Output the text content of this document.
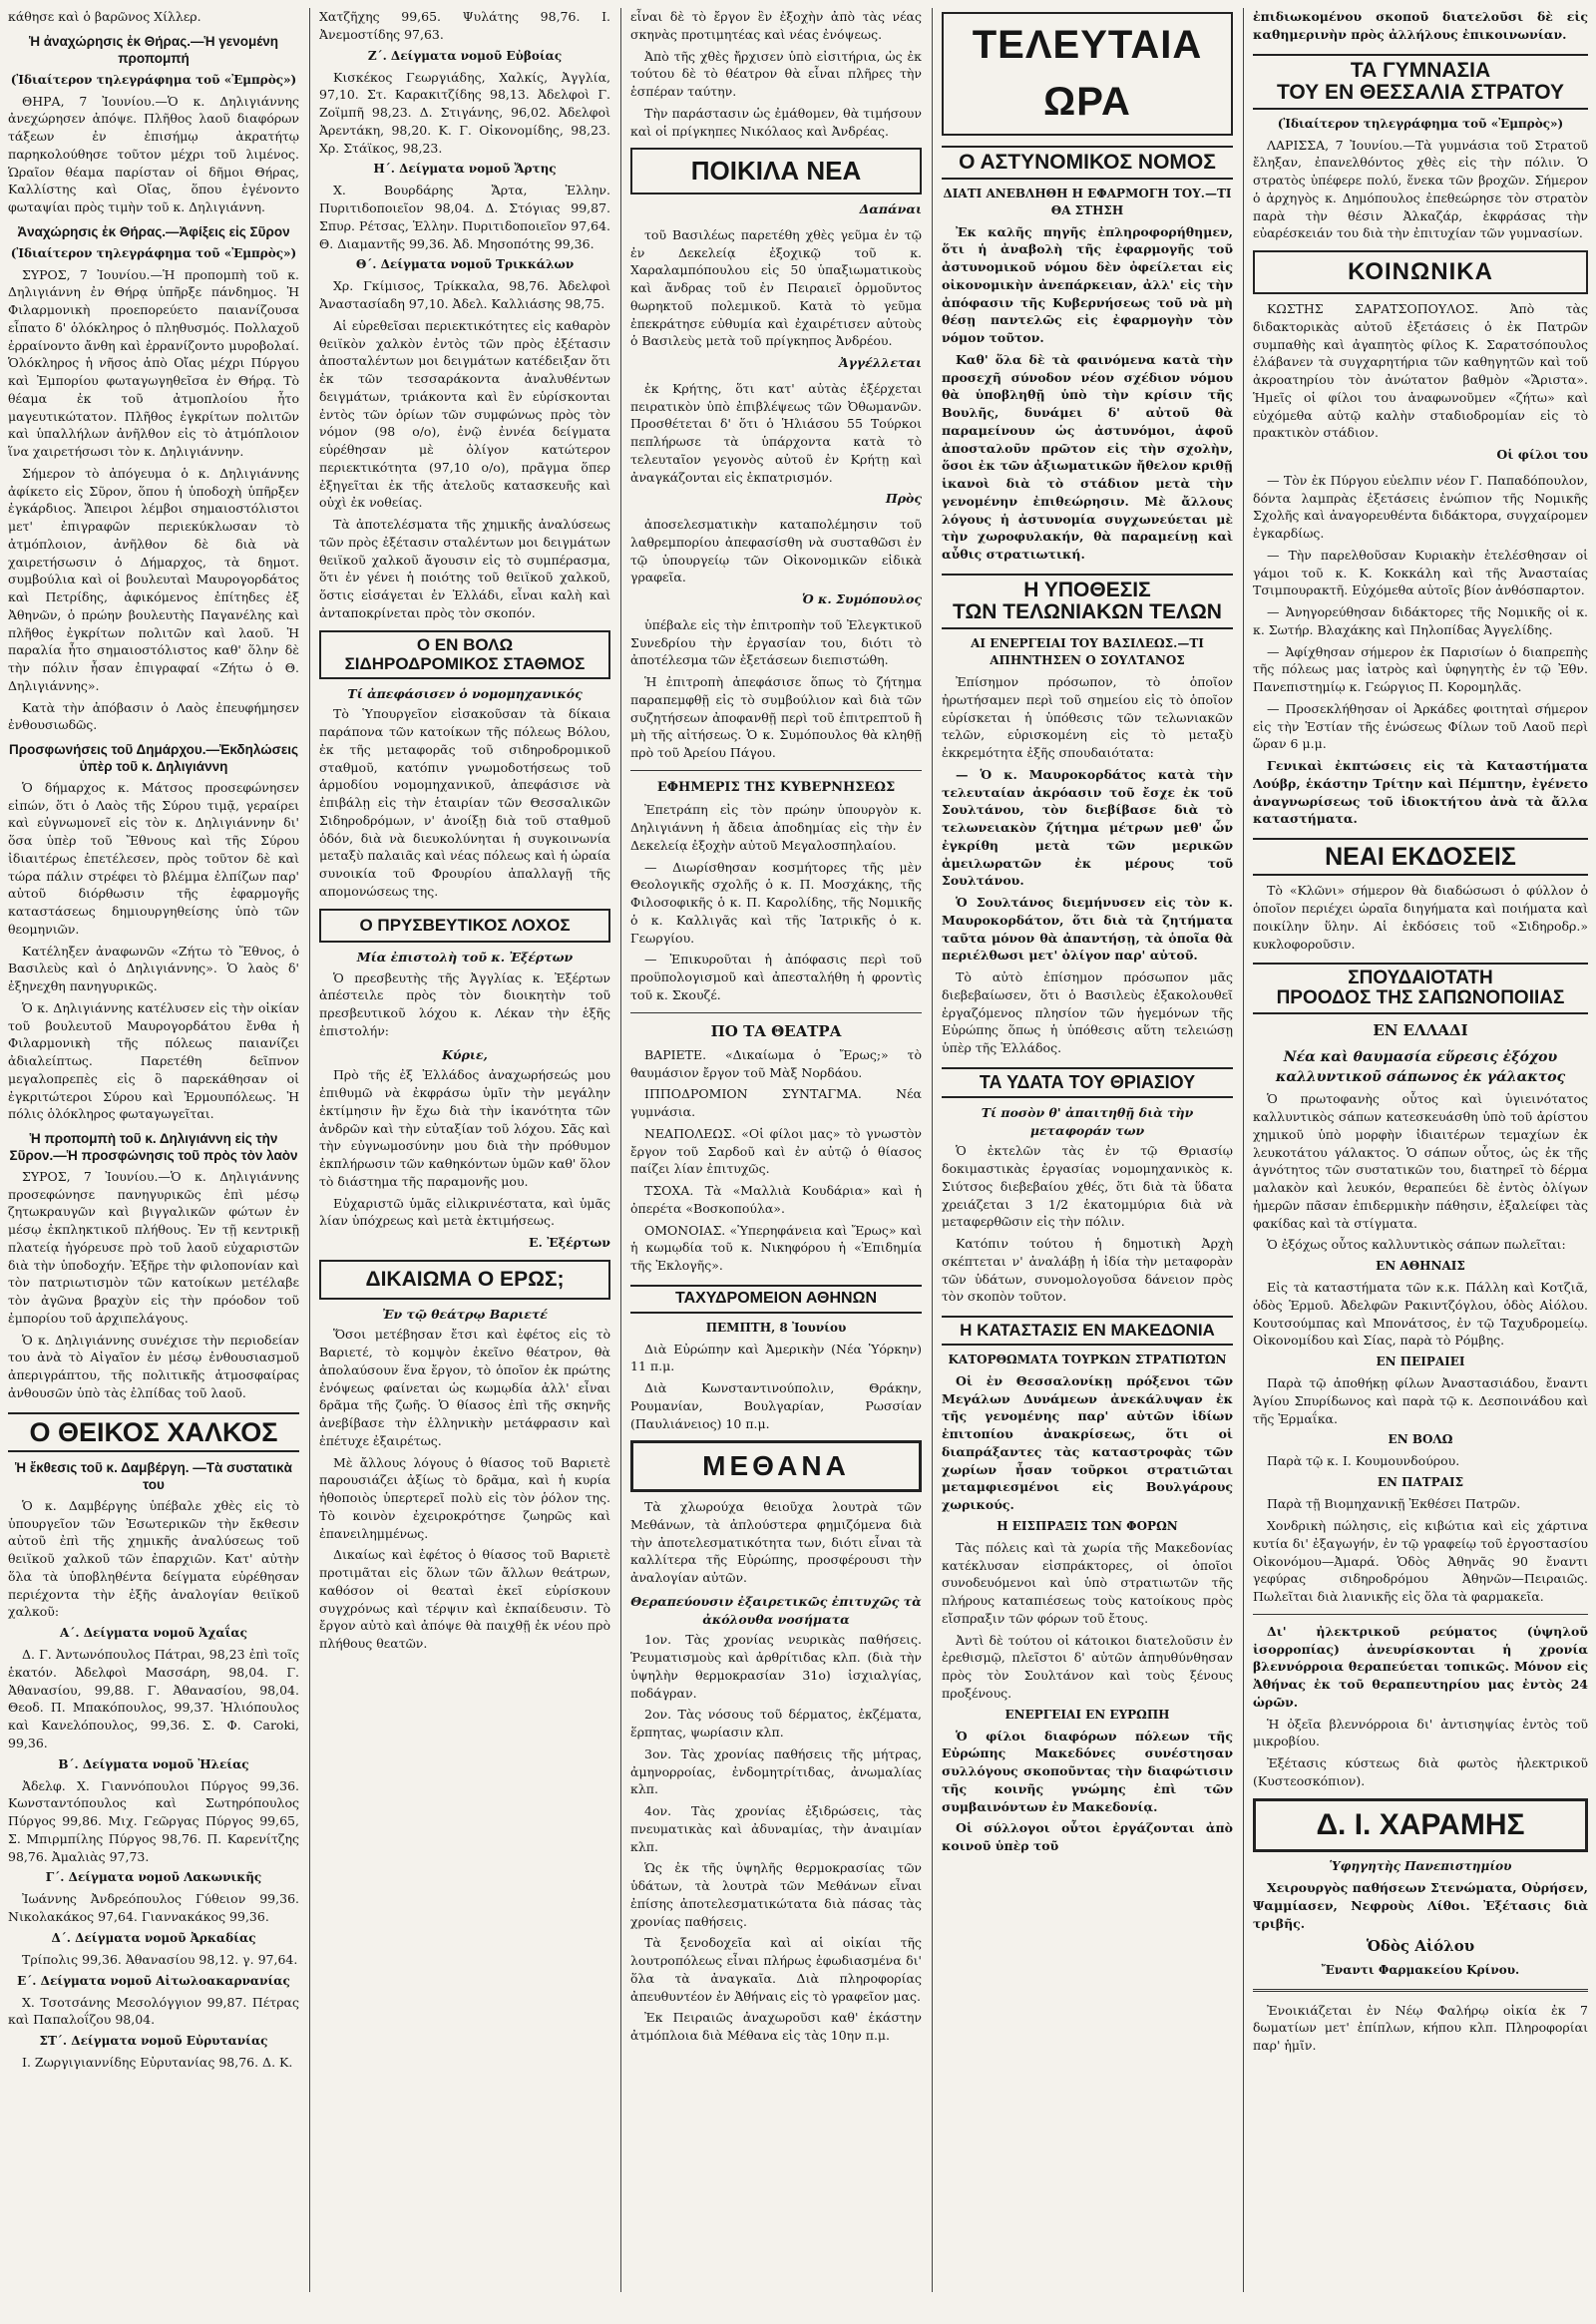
κάθησε καὶ ὁ βαρῶνος Χίλλερ.

Ἡ ἀναχώρησις ἐκ Θήρας.—Ἡ γενομένη προπομπή
(Ἰδιαίτερον τηλεγράφημα τοῦ «Ἐμπρὸς»)

ΘΗΡΑ, 7 Ἰουνίου.—Ὁ κ. Δηλιγιάννης ἀνεχώρησεν ἀπόψε. Πλῆθος λαοῦ διαφόρων τάξεων ἐν ἐπισήμῳ ἀκρατήτῳ παρηκολούθησε τοῦτον μέχρι τοῦ λιμένος. Ὡραῖον θέαμα παρίσταν οἱ δῆμοι Θήρας, Καλλίστης καὶ Οἴας, ὅπου ἐγένοντο φωταψίαι πρὸς τιμὴν τοῦ κ. Δηλιγιάννη.

Ἀναχώρησις ἐκ Θήρας.—Ἀφίξεις εἰς Σῦρον
(Ἰδιαίτερον τηλεγράφημα τοῦ «Ἐμπρὸς»)

ΣΥΡΟΣ, 7 Ἰουνίου.—Ἡ προπομπὴ τοῦ κ. Δηλιγιάννη ἐν Θήρᾳ ὑπῆρξε πάνδημος. Ἡ Φιλαρμονικὴ προεπορεύετο παιανίζουσα εἶπατο δ' ὁλόκληρος ὁ πληθυσμός. Πολλαχοῦ ἐρραίνοντο ἄνθη καὶ ἐρρανίζοντο μυροβολαί. Ὁλόκληρος ἡ νῆσος ἀπὸ Οἴας μέχρι Πύργου καὶ Ἐμπορίου φωταγωγηθεῖσα ἐν Θήρᾳ. Τὸ θέαμα ἐκ τοῦ ἀτμοπλοίου ἦτο μαγευτικώτατον. Πλῆθος ἐγκρίτων πολιτῶν καὶ ὑπαλλήλων ἀνῆλθον εἰς τὸ ἀτμόπλοιον ἵνα χαιρετήσωσι τὸν κ. Δηλιγιάννην.

Σήμερον τὸ ἀπόγευμα ὁ κ. Δηλιγιάννης ἀφίκετο εἰς Σῦρον, ὅπου ἡ ὑποδοχὴ ὑπῆρξεν ἐγκάρδιος. Ἄπειροι λέμβοι σημαιοστόλιστοι μετ' ἐπιγραφῶν περιεκύκλωσαν τὸ ἀτμόπλοιον, ἀνῆλθον δὲ διὰ νὰ χαιρετήσωσιν ὁ Δήμαρχος, τὰ δημοτ. συμβούλια καὶ οἱ βουλευταὶ Μαυρογορδάτος καὶ Πετρίδης, ἀφικόμενος ἐπίτηδες ἐξ Ἀθηνῶν, ὁ πρώην βουλευτὴς Παγανέλης καὶ πλῆθος ἐγκρίτων πολιτῶν καὶ λαοῦ. Ἡ παραλία ἦτο σημαιοστόλιστος καθ' ὅλην δὲ τὴν πόλιν ἦσαν ἐπιγραφαί «Ζήτω ὁ Θ. Δηλιγιάννης».

Κατὰ τὴν ἀπόβασιν ὁ Λαὸς ἐπευφήμησεν ἐνθουσιωδῶς.

Προσφωνήσεις τοῦ Δημάρχου.—Ἐκδηλώσεις ὑπὲρ τοῦ κ. Δηλιγιάννη

Ὁ δήμαρχος κ. Μάτσος προσεφώνησεν εἰπών, ὅτι ὁ Λαὸς τῆς Σύρου τιμᾷ, γεραίρει καὶ εὐγνωμονεῖ εἰς τὸν κ. Δηλιγιάννην δι' ὅσα ὑπὲρ τοῦ Ἔθνους καὶ τῆς Σύρου ἰδιαιτέρως ἐπετέλεσεν, πρὸς τοῦτον δὲ καὶ τώρα πάλιν στρέφει τὸ βλέμμα ἐλπίζων παρ' αὐτοῦ διόρθωσιν τῆς ἐφαρμογῆς καταστάσεως δημιουργηθείσης ὑπὸ τῶν θεομηνιῶν.

Κατέληξεν ἀναφωνῶν «Ζήτω τὸ Ἔθνος, ὁ Βασιλεὺς καὶ ὁ Δηλιγιάννης». Ὁ λαὸς δ' ἐξηνεχθη πανηγυρικῶς.

Ὁ κ. Δηλιγιάννης κατέλυσεν εἰς τὴν οἰκίαν τοῦ βουλευτοῦ Μαυρογορδάτου ἔνθα ἡ Φιλαρμονικὴ τῆς πόλεως παιανίζει ἀδιαλείπτως. Παρετέθη δεῖπνον μεγαλοπρεπὲς εἰς ὃ παρεκάθησαν οἱ ἐγκριτώτεροι Σύρου καὶ Ἑρμουπόλεως. Ἡ πόλις ὁλόκληρος φωταγωγεῖται.

Ἡ προπομπὴ τοῦ κ. Δηλιγιάννη εἰς τὴν Σῦρον.—Ἡ προσφώνησις τοῦ πρὸς τὸν λαὸν

ΣΥΡΟΣ, 7 Ἰουνίου.—Ὁ κ. Δηλιγιάννης προσεφώνησε πανηγυρικῶς ἐπὶ μέσῳ ζητωκραυγῶν καὶ βιγγαλικῶν φώτων ἐν μέσῳ ἐκπληκτικοῦ πλήθους. Ἐν τῇ κεντρικῇ πλατείᾳ ἠγόρευσε πρὸ τοῦ λαοῦ εὐχαριστῶν διὰ τὴν ὑποδοχήν. Ἐξῆρε τὴν φιλοπονίαν καὶ τὸν πατριωτισμὸν τῶν κατοίκων μετέλαβε τὸν ἀγῶνα βραχὺν εἰς τὴν πρόοδον τοῦ ἐμπορίου τοῦ ἀρχιπελάγους.

Ὁ κ. Δηλιγιάννης συνέχισε τὴν περιοδείαν του ἀνὰ τὸ Αἰγαῖον ἐν μέσῳ ἐνθουσιασμοῦ ἀπεριγράπτου, τῆς πολιτικῆς ἀτμοσφαίρας ἀνθουσῶν ὑπὸ τὰς ἐλπίδας τοῦ λαοῦ.

Ο ΘΕΙΚΟΣ ΧΑΛΚΟΣ
Ἡ ἔκθεσις τοῦ κ. Δαμβέργη. —Τὰ συστατικὰ του

Ὁ κ. Δαμβέργης ὑπέβαλε χθὲς εἰς τὸ ὑπουργεῖον τῶν Ἐσωτερικῶν τὴν ἔκθεσιν αὐτοῦ ἐπὶ τῆς χημικῆς ἀναλύσεως τοῦ θειϊκοῦ χαλκοῦ τῶν ἐπαρχιῶν. Κατ' αὐτὴν ὅλα τὰ ὑποβληθέντα δείγματα εὑρέθησαν περιέχοντα τὴν ἐξῆς ἀναλογίαν θειϊκοῦ χαλκοῦ:

Α΄. Δείγματα νομοῦ Ἀχαΐας

Δ. Γ. Ἀντωνόπουλος Πάτραι, 98,23 ἐπὶ τοῖς ἑκατόν. Ἀδελφοὶ Μασσάρη, 98,04. Γ. Ἀθανασίου, 99,88. Γ. Ἀθανασίου, 98,04. Θεοδ. Π. Μπακόπουλος, 99,37. Ἠλιόπουλος καὶ Κανελόπουλος, 99,36. Σ. Φ. Caroki, 99,36.

Β΄. Δείγματα νομοῦ Ἠλείας

Ἀδελφ. Χ. Γιαννόπουλοι Πύργος 99,36. Κωνσταντόπουλος καὶ Σωτηρόπουλος Πύργος 99,86. Μιχ. Γεῶργας Πύργος 99,65, Σ. Μπιρμπίλης Πύργος 98,76. Π. Καρενίτζης 98,76. Ἀμαλιὰς 97,73.

Γ΄. Δείγματα νομοῦ Λακωνικῆς

Ἰωάννης Ἀνδρεόπουλος Γύθειον 99,36. Νικολακάκος 97,64. Γιαννακάκος 99,36.

Δ΄. Δείγματα νομοῦ Ἀρκαδίας

Τρίπολις 99,36. Ἀθανασίου 98,12. γ. 97,64.

Ε΄. Δείγματα νομοῦ Αἰτωλοακαρνανίας

Χ. Τσοτσάνης Μεσολόγγιον 99,87. Πέτρας καὶ Παπαλοΐζου 98,04.

ΣΤ΄. Δείγματα νομοῦ Εὐρυτανίας

Ι. Ζωργιγιαννίδης Εὐρυτανίας 98,76. Δ. Κ.

Χατζῆχης 99,65. Ψυλάτης 98,76. Ι. Ἀνεμοστίδης 97,63.

Ζ΄. Δείγματα νομοῦ Εὐβοίας

Κισκέκος Γεωργιάδης, Χαλκίς, Ἀγγλία, 97,10. Στ. Καρακιτζίδης 98,13. Ἀδελφοὶ Γ. Ζοϊμπῆ 98,23. Δ. Στιγάνης, 96,02. Ἀδελφοὶ Ἀρεντάκη, 98,20. Κ. Γ. Οἰκονομίδης, 98,23. Χρ. Στάϊκος, 98,23.

Η΄. Δείγματα νομοῦ Ἄρτης

Χ. Βουρδάρης Ἄρτα, Ἑλλην. Πυριτιδοποιεῖον 98,04. Δ. Στόγιας 99,87. Σπυρ. Ρέτσας, Ἑλλην. Πυριτιδοποιεῖον 97,64. Θ. Διαμαντῆς 99,36. Ἀδ. Μησοπότης 99,36.

Θ΄. Δείγματα νομοῦ Τρικκάλων

Χρ. Γκίμισος, Τρίκκαλα, 98,76. Ἀδελφοὶ Ἀναστασίαδη 97,10. Ἀδελ. Καλλιάσης 98,75.

Αἱ εὑρεθεῖσαι περιεκτικότητες εἰς καθαρὸν θειϊκὸν χαλκὸν ἐντὸς τῶν πρὸς ἐξέτασιν ἀποσταλέντων μοι δειγμάτων κατέδειξαν ὅτι ἐκ τῶν τεσσαράκοντα ἀναλυθέντων δειγμάτων, τριάκοντα καὶ ἓν εὑρίσκονται ἐντὸς τῶν ὁρίων τῶν συμφώνως πρὸς τὸν νόμον (98 ο/ο), ἐνῷ ἐννέα δείγματα εὑρέθησαν μὲ ὀλίγον κατώτερον περιεκτικότητα (97,10 ο/ο), πρᾶγμα ὅπερ ἐξηγεῖται ἐκ τῆς ἀτελοῦς κατασκευῆς καὶ οὐχὶ ἐκ νοθείας.

Τὰ ἀποτελέσματα τῆς χημικῆς ἀναλύσεως τῶν πρὸς ἐξέτασιν σταλέντων μοι δειγμάτων θειϊκοῦ χαλκοῦ ἄγουσιν εἰς τὸ συμπέρασμα, ὅτι ἐν γένει ἡ ποιότης τοῦ θειϊκοῦ χαλκοῦ, ὅστις εἰσάγεται ἐν Ἑλλάδι, εἶναι καλὴ καὶ ἀνταποκρίνεται πρὸς τὸν σκοπόν.

Ο ΕΝ ΒΟΛΩ
ΣΙΔΗΡΟΔΡΟΜΙΚΟΣ ΣΤΑΘΜΟΣ
Τί ἀπεφάσισεν ὁ νομομηχανικός

Τὸ Ὑπουργεῖον εἰσακοῦσαν τὰ δίκαια παράπονα τῶν κατοίκων τῆς πόλεως Βόλου, ἐκ τῆς μεταφορᾶς τοῦ σιδηροδρομικοῦ σταθμοῦ, κατόπιν γνωμοδοτήσεως τοῦ ἁρμοδίου νομομηχανικοῦ, ἀπεφάσισε νὰ ἐπιβάλῃ εἰς τὴν ἑταιρίαν τῶν Θεσσαλικῶν Σιδηροδρόμων, ν' ἀνοίξῃ διὰ τοῦ σταθμοῦ ὁδόν, διὰ νὰ διευκολύνηται ἡ συγκοινωνία μεταξὺ παλαιᾶς καὶ νέας πόλεως καὶ ἡ ὡραία συνοικία τοῦ Φρουρίου ἀπαλλαγῇ τῆς απομονώσεως της.

Ο ΠΡΥΣΒΕΥΤΙΚΟΣ ΛΟΧΟΣ
Μία ἐπιστολὴ τοῦ κ. Ἐξέρτων

Ὁ πρεσβευτὴς τῆς Ἀγγλίας κ. Ἐξέρτων ἀπέστειλε πρὸς τὸν διοικητὴν τοῦ πρεσβευτικοῦ λόχου κ. Λέκαν τὴν ἑξῆς ἐπιστολήν:

Κύριε,

Πρὸ τῆς ἐξ Ἑλλάδος ἀναχωρήσεώς μου ἐπιθυμῶ νὰ ἐκφράσω ὑμῖν τὴν μεγάλην ἐκτίμησιν ἣν ἔχω διὰ τὴν ἱκανότητα τῶν ἀνδρῶν καὶ τὴν εὐταξίαν τοῦ λόχου. Σᾶς καὶ τὴν εὐγνωμοσύνην μου διὰ τὴν πρόθυμον ἐκπλήρωσιν τῶν καθηκόντων ὑμῶν καθ' ὅλον τὸ διάστημα τῆς παραμονῆς μου.

Εὐχαριστῶ ὑμᾶς εἰλικρινέστατα, καὶ ὑμᾶς λίαν ὑπόχρεως καὶ μετὰ ἐκτιμήσεως.

Ε. Ἐξέρτων
ΔΙΚΑΙΩΜΑ Ο ΕΡΩΣ;
Ἐν τῷ θεάτρῳ Βαριετέ

Ὅσοι μετέβησαν ἔτσι καὶ ἐφέτος εἰς τὸ Βαριετέ, τὸ κομψὸν ἐκεῖνο θέατρον, θὰ ἀπολαύσουν ἕνα ἔργον, τὸ ὁποῖον ἐκ πρώτης ἐνόψεως φαίνεται ὡς κωμῳδία ἀλλ' εἶναι δρᾶμα τῆς ζωῆς. Ὁ θίασος ἐπὶ τῆς σκηνῆς ἀνεβίβασε τὴν ἑλληνικὴν μετάφρασιν καὶ ἐπέτυχε ἐξαιρέτως.

Μὲ ἄλλους λόγους ὁ θίασος τοῦ Βαριετὲ παρουσιάζει ἀξίως τὸ δρᾶμα, καὶ ἡ κυρία ἠθοποιὸς ὑπερτερεῖ πολὺ εἰς τὸν ῥόλον της. Τὸ κοινὸν ἐχειροκρότησε ζωηρῶς καὶ ἐπανειλημμένως.

Δικαίως καὶ ἐφέτος ὁ θίασος τοῦ Βαριετὲ προτιμᾶται εἰς ὅλων τῶν ἄλλων θεάτρων, καθόσον οἱ θεαταὶ ἐκεῖ εὑρίσκουν συγχρόνως καὶ τέρψιν καὶ ἐκπαίδευσιν. Τὸ ἔργον αὐτὸ καὶ ἀπόψε θὰ παιχθῇ ἐκ νέου πρὸ πλήθους θεατῶν.

εἶναι δὲ τὸ ἔργον ἓν ἐξοχὴν ἀπὸ τὰς νέας σκηνὰς προτιμητέας καὶ νέας ἐνόψεως.

Ἀπὸ τῆς χθὲς ἤρχισεν ὑπὸ εἰσιτήρια, ὡς ἐκ τούτου δὲ τὸ θέατρον θὰ εἶναι πλῆρες τὴν ἑσπέραν ταύτην.

Τὴν παράστασιν ὡς ἐμάθομεν, θὰ τιμήσουν καὶ οἱ πρίγκηπες Νικόλαος καὶ Ἀνδρέας.

ΠΟΙΚΙΛΑ ΝΕΑ
Δαπάναι

τοῦ Βασιλέως παρετέθη χθὲς γεῦμα ἐν τῷ ἐν Δεκελείᾳ ἐξοχικῷ τοῦ κ. Χαραλαμπόπουλου εἰς 50 ὑπαξιωματικοὺς καὶ ἄνδρας τοῦ ἐν Πειραιεῖ ὁρμοῦντος θωρηκτοῦ πολεμικοῦ. Κατὰ τὸ γεῦμα ἐπεκράτησε εὐθυμία καὶ ἐχαιρέτισεν αὐτοὺς ὁ Βασιλεὺς μετὰ τοῦ πρίγκηπος Ἀνδρέου.

Ἀγγέλλεται

ἐκ Κρήτης, ὅτι κατ' αὐτὰς ἐξέρχεται πειρατικὸν ὑπὸ ἐπιβλέψεως τῶν Ὀθωμανῶν. Προσθέτεται δ' ὅτι ὁ Ἡλιάσου 55 Τούρκοι πεπλήρωσε τὰ ὑπάρχοντα κατὰ τὸ τελευταῖον γεγονὸς αὐτοῦ ἐν Κρήτῃ καὶ ἀναγκάζονται εἰς ἐκπατρισμόν.

Πρὸς

ἀποσελεσματικὴν καταπολέμησιν τοῦ λαθρεμπορίου ἀπεφασίσθη νὰ συσταθῶσι ἐν τῷ ὑπουργείῳ τῶν Οἰκονομικῶν εἰδικὰ γραφεῖα.

Ὁ κ. Συμόπουλος

ὑπέβαλε εἰς τὴν ἐπιτροπὴν τοῦ Ἐλεγκτικοῦ Συνεδρίου τὴν ἐργασίαν του, διότι τὸ ἀποτέλεσμα τῶν ἐξετάσεων διεπιστώθη.

Ἡ ἐπιτροπὴ ἀπεφάσισε ὅπως τὸ ζήτημα παραπεμφθῇ εἰς τὸ συμβούλιον καὶ διὰ τῶν συζητήσεων ἀποφανθῇ περὶ τοῦ ἐπιτρεπτοῦ ἢ μὴ τῆς αἰτήσεως. Ὁ κ. Συμόπουλος θὰ κληθῇ πρὸ τοῦ Ἀρείου Πάγου.

ΕΦΗΜΕΡΙΣ ΤΗΣ ΚΥΒΕΡΝΗΣΕΩΣ

Ἐπετράπη εἰς τὸν πρώην ὑπουργὸν κ. Δηλιγιάννη ἡ ἄδεια ἀποδημίας εἰς τὴν ἐν Δεκελείᾳ ἐξοχὴν αὐτοῦ Μεγαλοσπηλαίου.

— Διωρίσθησαν κοσμήτορες τῆς μὲν Θεολογικῆς σχολῆς ὁ κ. Π. Μοσχάκης, τῆς Φιλοσοφικῆς ὁ κ. Π. Καρολίδης, τῆς Νομικῆς ὁ κ. Καλλιγᾶς καὶ τῆς Ἰατρικῆς ὁ κ. Γεωργίου.

— Ἐπικυροῦται ἡ ἀπόφασις περὶ τοῦ προϋπολογισμοῦ καὶ ἀπεσταλήθη ἡ φροντὶς τοῦ κ. Σκουζέ.

ΠΟ ΤΑ ΘΕΑΤΡΑ

ΒΑΡΙΕΤΕ. «Δικαίωμα ὁ Ἔρως;» τὸ θαυμάσιον ἔργον τοῦ Μὰξ Νορδάου.

ΙΠΠΟΔΡΟΜΙΟΝ ΣΥΝΤΑΓΜΑ. Νέα γυμνάσια.

ΝΕΑΠΟΛΕΩΣ. «Οἱ φίλοι μας» τὸ γνωστὸν ἔργον τοῦ Σαρδοῦ καὶ ἐν αὐτῷ ὁ θίασος παίζει λίαν ἐπιτυχῶς.

ΤΣΟΧΑ. Τὰ «Μαλλιὰ Κουδάρια» καὶ ἡ ὀπερέτα «Βοσκοπούλα».

ΟΜΟΝΟΙΑΣ. «Ὑπερηφάνεια καὶ Ἔρως» καὶ ἡ κωμῳδία τοῦ κ. Νικηφόρου ἡ «Ἐπιδημία τῆς Ἐκλογῆς».

ΤΑΧΥΔΡΟΜΕΙΟΝ ΑΘΗΝΩΝ
ΠΕΜΠΤΗ, 8 Ἰουνίου

Διὰ Εὐρώπην καὶ Ἀμερικὴν (Νέα Ὑόρκην) 11 π.μ.

Διὰ Κωνσταντινούπολιν, Θράκην, Ρουμανίαν, Βουλγαρίαν, Ρωσσίαν (Παυλιάνειος) 10 π.μ.

ΜΕΘΑΝΑ

Τὰ χλωρούχα θειοῦχα λουτρὰ τῶν Μεθάνων, τὰ ἀπλούστερα φημιζόμενα διὰ τὴν ἀποτελεσματικότητα των, διότι εἶναι τὰ καλλίτερα τῆς Εὐρώπης, προσφέρουσι τὴν ἀναλογίαν αὐτῶν.

Θεραπεύουσιν ἐξαιρετικῶς ἐπιτυχῶς τὰ ἀκόλουθα νοσήματα

1ον. Τὰς χρονίας νευρικὰς παθήσεις. Ῥευματισμοὺς καὶ ἀρθρίτιδας κλπ. (διὰ τὴν ὑψηλὴν θερμοκρασίαν 31ο) ἰσχιαλγίας, ποδάγραν.

2ον. Τὰς νόσους τοῦ δέρματος, ἐκζέματα, ἕρπητας, ψωρίασιν κλπ.

3ον. Τὰς χρονίας παθήσεις τῆς μήτρας, ἀμηνορροίας, ἐνδομητρίτιδας, ἀνωμαλίας κλπ.

4ον. Τὰς χρονίας ἐξιδρώσεις, τὰς πνευματικὰς καὶ ἀδυναμίας, τὴν ἀναιμίαν κλπ.

Ὡς ἐκ τῆς ὑψηλῆς θερμοκρασίας τῶν ὑδάτων, τὰ λουτρὰ τῶν Μεθάνων εἶναι ἐπίσης ἀποτελεσματικώτατα διὰ πάσας τὰς χρονίας παθήσεις.

Τὰ ξενοδοχεῖα καὶ αἱ οἰκίαι τῆς λουτροπόλεως εἶναι πλήρως ἐφωδιασμένα δι' ὅλα τὰ ἀναγκαῖα. Διὰ πληροφορίας ἀπευθυντέον ἐν Ἀθήναις εἰς τὸ γραφεῖον μας.

Ἐκ Πειραιῶς ἀναχωροῦσι καθ' ἑκάστην ἀτμόπλοια διὰ Μέθανα εἰς τὰς 10ην π.μ.

ΤΕΛΕΥΤΑΙΑ ΩΡΑ
Ο ΑΣΤΥΝΟΜΙΚΟΣ ΝΟΜΟΣ
ΔΙΑΤΙ ΑΝΕΒΛΗΘΗ Η ΕΦΑΡΜΟΓΗ ΤΟΥ.—ΤΙ ΘΑ ΣΤΗΣΗ

Ἐκ καλῆς πηγῆς ἐπληροφορήθημεν, ὅτι ἡ ἀναβολὴ τῆς ἐφαρμογῆς τοῦ ἀστυνομικοῦ νόμου δὲν ὀφείλεται εἰς οἰκονομικὴν ἀνεπάρκειαν, ἀλλ' εἰς τὴν ἀπόφασιν τῆς Κυβερνήσεως τοῦ νὰ μὴ θέσῃ παντελῶς εἰς ἐφαρμογὴν τὸν νόμον τοῦτον.

Καθ' ὅλα δὲ τὰ φαινόμενα κατὰ τὴν προσεχῆ σύνοδον νέον σχέδιον νόμου θὰ ὑποβληθῇ ὑπὸ τὴν κρίσιν τῆς Βουλῆς, δυνάμει δ' αὐτοῦ θὰ παραμείνουν ὡς ἀστυνόμοι, ἀφοῦ ἀποσταλοῦν πρῶτον εἰς τὴν σχολὴν, ὅσοι ἐκ τῶν ἀξιωματικῶν ἤθελον κριθῇ ἱκανοὶ διὰ τὸ στάδιον μετὰ τὴν γενομένην ἐπιθεώρησιν. Μὲ ἄλλους λόγους ἡ ἀστυνομία συγχωνεύεται μὲ τὴν χωροφυλακήν, θὰ παραμείνῃ καὶ αὖθις στρατιωτική.

Η ΥΠΟΘΕΣΙΣ
ΤΩΝ ΤΕΛΩΝΙΑΚΩΝ ΤΕΛΩΝ
ΑΙ ΕΝΕΡΓΕΙΑΙ ΤΟΥ ΒΑΣΙΛΕΩΣ.—ΤΙ ΑΠΗΝΤΗΣΕΝ Ο ΣΟΥΛΤΑΝΟΣ

Ἐπίσημον πρόσωπον, τὸ ὁποῖον ἠρωτήσαμεν περὶ τοῦ σημείου εἰς τὸ ὁποῖον εὑρίσκεται ἡ ὑπόθεσις τῶν τελωνιακῶν τελῶν, εὑρισκομένη εἰς τὸ μεταξὺ ἐκκρεμότητα ἐξῆς σπουδαιότατα:

— Ὁ κ. Μαυροκορδάτος κατὰ τὴν τελευταίαν ἀκρόασιν τοῦ ἔσχε ἐκ τοῦ Σουλτάνου, τὸν διεβίβασε διὰ τὸ τελωνειακὸν ζήτημα μέτρων μεθ' ὧν ἐγκρίθη μετὰ τῶν μερικῶν ἀμειλωρατῶν ἐκ μέρους τοῦ Σουλτάνου.

Ὁ Σουλτάνος διεμήνυσεν εἰς τὸν κ. Μαυροκορδάτον, ὅτι διὰ τὰ ζητήματα ταῦτα μόνον θὰ ἀπαντήσῃ, τὰ ὁποῖα θὰ περιέλθωσι μετ' ὀλίγον παρ' αὐτοῦ.

Τὸ αὐτὸ ἐπίσημον πρόσωπον μᾶς διεβεβαίωσεν, ὅτι ὁ Βασιλεὺς ἐξακολουθεῖ ἐργαζόμενος πλησίον τῶν ἡγεμόνων τῆς Εὐρώπης ὅπως ἡ ὑπόθεσις αὕτη τελειώσῃ ὑπὲρ τῆς Ἑλλάδος.

ΤΑ ΥΔΑΤΑ ΤΟΥ ΘΡΙΑΣΙΟΥ
Τί ποσὸν θ' ἀπαιτηθῇ διὰ τὴν μεταφοράν των

Ὁ ἐκτελῶν τὰς ἐν τῷ Θριασίῳ δοκιμαστικὰς ἐργασίας νομομηχανικὸς κ. Σιύτσος διεβεβαίου χθές, ὅτι διὰ τὰ ὕδατα χρειάζεται 3 1/2 ἑκατομμύρια διὰ νὰ μεταφερθῶσιν εἰς τὴν πόλιν.

Κατόπιν τούτου ἡ δημοτικὴ Ἀρχὴ σκέπτεται ν' ἀναλάβῃ ἡ ἰδία τὴν μεταφορὰν τῶν ὑδάτων, συνομολογοῦσα δάνειον πρὸς τὸν σκοπὸν τοῦτον.

Η ΚΑΤΑΣΤΑΣΙΣ ΕΝ ΜΑΚΕΔΟΝΙΑ
ΚΑΤΟΡΘΩΜΑΤΑ ΤΟΥΡΚΩΝ ΣΤΡΑΤΙΩΤΩΝ

Οἱ ἐν Θεσσαλονίκῃ πρόξενοι τῶν Μεγάλων Δυνάμεων ἀνεκάλυψαν ἐκ τῆς γενομένης παρ' αὐτῶν ἰδίων ἐπιτοπίου ἀνακρίσεως, ὅτι οἱ διαπράξαντες τὰς καταστροφὰς τῶν χωρίων ἦσαν τοῦρκοι στρατιῶται μεταμφιεσμένοι εἰς Βουλγάρους χωρικούς.

Η ΕΙΣΠΡΑΞΙΣ ΤΩΝ ΦΟΡΩΝ

Τὰς πόλεις καὶ τὰ χωρία τῆς Μακεδονίας κατέκλυσαν εἰσπράκτορες, οἱ ὁποῖοι συνοδευόμενοι καὶ ὑπὸ στρατιωτῶν τῆς πλήρους καταπιέσεως τοὺς κατοίκους πρὸς εἴσπραξιν τῶν φόρων τοῦ ἔτους.

Ἀντὶ δὲ τούτου οἱ κάτοικοι διατελοῦσιν ἐν ἐρεθισμῷ, πλεῖστοι δ' αὐτῶν ἀπηυθύνθησαν πρὸς τὸν Σουλτάνον καὶ τοὺς ξένους προξένους.

ΕΝΕΡΓΕΙΑΙ ΕΝ ΕΥΡΩΠΗ

Ὁ φίλοι διαφόρων πόλεων τῆς Εὐρώπης Μακεδόνες συνέστησαν συλλόγους σκοποῦντας τὴν διαφώτισιν τῆς κοινῆς γνώμης ἐπὶ τῶν συμβαινόντων ἐν Μακεδονίᾳ.

Οἱ σύλλογοι οὗτοι ἐργάζονται ἀπὸ κοινοῦ ὑπὲρ τοῦ

ἐπιδιωκομένου σκοποῦ διατελοῦσι δὲ εἰς καθημερινὴν πρὸς ἀλλήλους ἐπικοινωνίαν.

ΤΑ ΓΥΜΝΑΣΙΑ
ΤΟΥ ΕΝ ΘΕΣΣΑΛΙΑ ΣΤΡΑΤΟΥ
(Ἰδιαίτερον τηλεγράφημα τοῦ «Ἐμπρὸς»)

ΛΑΡΙΣΣΑ, 7 Ἰουνίου.—Τὰ γυμνάσια τοῦ Στρατοῦ ἔληξαν, ἐπανελθόντος χθὲς εἰς τὴν πόλιν. Ὁ στρατὸς ὑπέφερε πολύ, ἕνεκα τῶν βροχῶν. Σήμερον ὁ ἀρχηγὸς κ. Δημόπουλος ἐπεθεώρησε τὸν στρατὸν παρὰ τὴν θέσιν Ἀλκαζάρ, ἐκφράσας τὴν εὐαρέσκειάν του διὰ τὴν ἐπιτυχίαν τῶν γυμνασίων.

ΚΟΙΝΩΝΙΚΑ

ΚΩΣΤΗΣ ΣΑΡΑΤΣΟΠΟΥΛΟΣ. Ἀπὸ τὰς διδακτορικὰς αὐτοῦ ἐξετάσεις ὁ ἐκ Πατρῶν συμπαθὴς καὶ ἀγαπητὸς φίλος Κ. Σαρατσόπουλος ἐλάβανεν τὰ συγχαρητήρια τῶν καθηγητῶν καὶ τοῦ ἀκροατηρίου τὸν ἀνώτατον βαθμὸν «Ἄριστα». Ἡμεῖς οἱ φίλοι του ἀναφωνοῦμεν «ζήτω» καὶ εὐχόμεθα αὐτῷ καλὴν σταδιοδρομίαν εἰς τὸ πρακτικὸν στάδιον.

Οἱ φίλοι του

— Τὸν ἐκ Πύργου εὐελπιν νέον Γ. Παπαδόπουλον, δόντα λαμπρὰς ἐξετάσεις ἐνώπιον τῆς Νομικῆς Σχολῆς καὶ ἀναγορευθέντα διδάκτορα, συγχαίρομεν ἐγκαρδίως.

— Τὴν παρελθοῦσαν Κυριακὴν ἐτελέσθησαν οἱ γάμοι τοῦ κ. Κ. Κοκκάλη καὶ τῆς Ἀνασταίας Τσιμπουρακτῆ. Εὐχόμεθα αὐτοῖς βίον ἀνθόσπαρτον.

— Ἀνηγορεύθησαν διδάκτορες τῆς Νομικῆς οἱ κ. κ. Σωτήρ. Βλαχάκης καὶ Πηλοπίδας Ἀγγελίδης.

— Ἀφίχθησαν σήμερον ἐκ Παρισίων ὁ διαπρεπὴς τῆς πόλεως μας ἰατρὸς καὶ ὑφηγητὴς ἐν τῷ Ἐθν. Πανεπιστημίῳ κ. Γεώργιος Π. Κορομηλᾶς.

— Προσεκλήθησαν οἱ Ἀρκάδες φοιτηταὶ σήμερον εἰς τὴν Ἑστίαν τῆς ἑνώσεως Φίλων τοῦ Λαοῦ περὶ ὥραν 6 μ.μ.

Γενικαὶ ἐκπτώσεις εἰς τὰ Καταστήματα Λούβρ, ἑκάστην Τρίτην καὶ Πέμπτην, ἐγένετο ἀναγνωρίσεως τοῦ ἰδιοκτήτου ἀνὰ τὰ ἄλλα καταστήματα.

ΝΕΑΙ ΕΚΔΟΣΕΙΣ

Τὸ «Κλῶνι» σήμερον θὰ διαδώσωσι ὁ φύλλον ὁ ὁποῖον περιέχει ὡραῖα διηγήματα καὶ ποιήματα καὶ ποικίλην ὕλην. Αἱ ἐκδόσεις τοῦ «Σιδηροδρ.» κυκλοφοροῦσιν.

ΣΠΟΥΔΑΙΟΤΑΤΗ
ΠΡΟΟΔΟΣ ΤΗΣ ΣΑΠΩΝΟΠΟΙΙΑΣ
ΕΝ ΕΛΛΑΔΙ
Νέα καὶ θαυμασία εὕρεσις ἐξόχου καλλυντικοῦ σάπωνος ἐκ γάλακτος

Ὁ πρωτοφανὴς οὗτος καὶ ὑγιεινότατος καλλυντικὸς σάπων κατεσκευάσθη ὑπὸ τοῦ ἀρίστου χημικοῦ ὑπὸ μορφὴν ἰδιαιτέρων τεμαχίων ἐκ λευκοτάτου γάλακτος. Ὁ σάπων οὗτος, ὡς ἐκ τῆς ἁγνότητος τῶν συστατικῶν του, διατηρεῖ τὸ δέρμα μαλακὸν καὶ λευκόν, θεραπεύει δὲ ἐντὸς ὀλίγων ἡμερῶν πᾶσαν ἐπιδερμικὴν πάθησιν, ἐξαλείφει τὰς φακίδας καὶ τὰ στίγματα.

Ὁ ἐξόχως οὗτος καλλυντικὸς σάπων πωλεῖται:

ΕΝ ΑΘΗΝΑΙΣ

Εἰς τὰ καταστήματα τῶν κ.κ. Πάλλη καὶ Κοτζιᾶ, ὁδὸς Ἑρμοῦ. Ἀδελφῶν Ρακιντζόγλου, ὁδὸς Αἰόλου. Κουτσούμπας καὶ Μπονάτσος, ἐν τῷ Ταχυδρομείῳ. Οἰκονομίδου καὶ Σίας, παρὰ τὸ Ρόμβης.

ΕΝ ΠΕΙΡΑΙΕΙ

Παρὰ τῷ ἀποθήκῃ φίλων Ἀναστασιάδου, ἔναντι Ἁγίου Σπυρίδωνος καὶ παρὰ τῷ κ. Δεσποινάδου καὶ τῆς Ἑρμαΐκα.

ΕΝ ΒΟΛΩ

Παρὰ τῷ κ. Ι. Κουμουνδούρου.

ΕΝ ΠΑΤΡΑΙΣ

Παρὰ τῇ Βιομηχανικῇ Ἐκθέσει Πατρῶν.

Χονδρικὴ πώλησις, εἰς κιβώτια καὶ εἰς χάρτινα κυτία δι' ἐξαγωγήν, ἐν τῷ γραφείῳ τοῦ ἐργοστασίου Οἰκονόμου—Ἀμαρά. Ὁδὸς Ἀθηνᾶς 90 ἔναντι γεφύρας σιδηροδρόμου Ἀθηνῶν—Πειραιῶς. Πωλεῖται διὰ λιανικῆς εἰς ὅλα τὰ φαρμακεῖα.

Δι' ἠλεκτρικοῦ ρεύματος (ὑψηλοῦ ἰσορροπίας) ἀνευρίσκονται ἡ χρονία βλεννόρροια θεραπεύεται τοπικῶς. Μόνον εἰς Ἀθήνας ἐκ τοῦ θεραπευτηρίου μας ἐντὸς 24 ὡρῶν.

Ἡ ὀξεῖα βλεννόρροια δι' ἀντισηψίας ἐντὸς τοῦ μικροβίου.

Ἐξέτασις κύστεως διὰ φωτὸς ἠλεκτρικοῦ (Κυστεοσκόπιον).

Δ. Ι. ΧΑΡΑΜΗΣ
Ὑφηγητὴς Πανεπιστημίου

Χειρουργὸς παθήσεων Στενώματα, Οὐρήσεν, Ψαμμίασεν, Νεφροὺς Λίθοι. Ἐξέτασις διὰ τριβῆς.

Ὁδὸς Αἰόλου
Ἔναντι Φαρμακείου Κρίνου.

Ἐνοικιάζεται ἐν Νέῳ Φαλήρῳ οἰκία ἐκ 7 δωματίων μετ' ἐπίπλων, κήπου κλπ. Πληροφορίαι παρ' ἡμῖν.
